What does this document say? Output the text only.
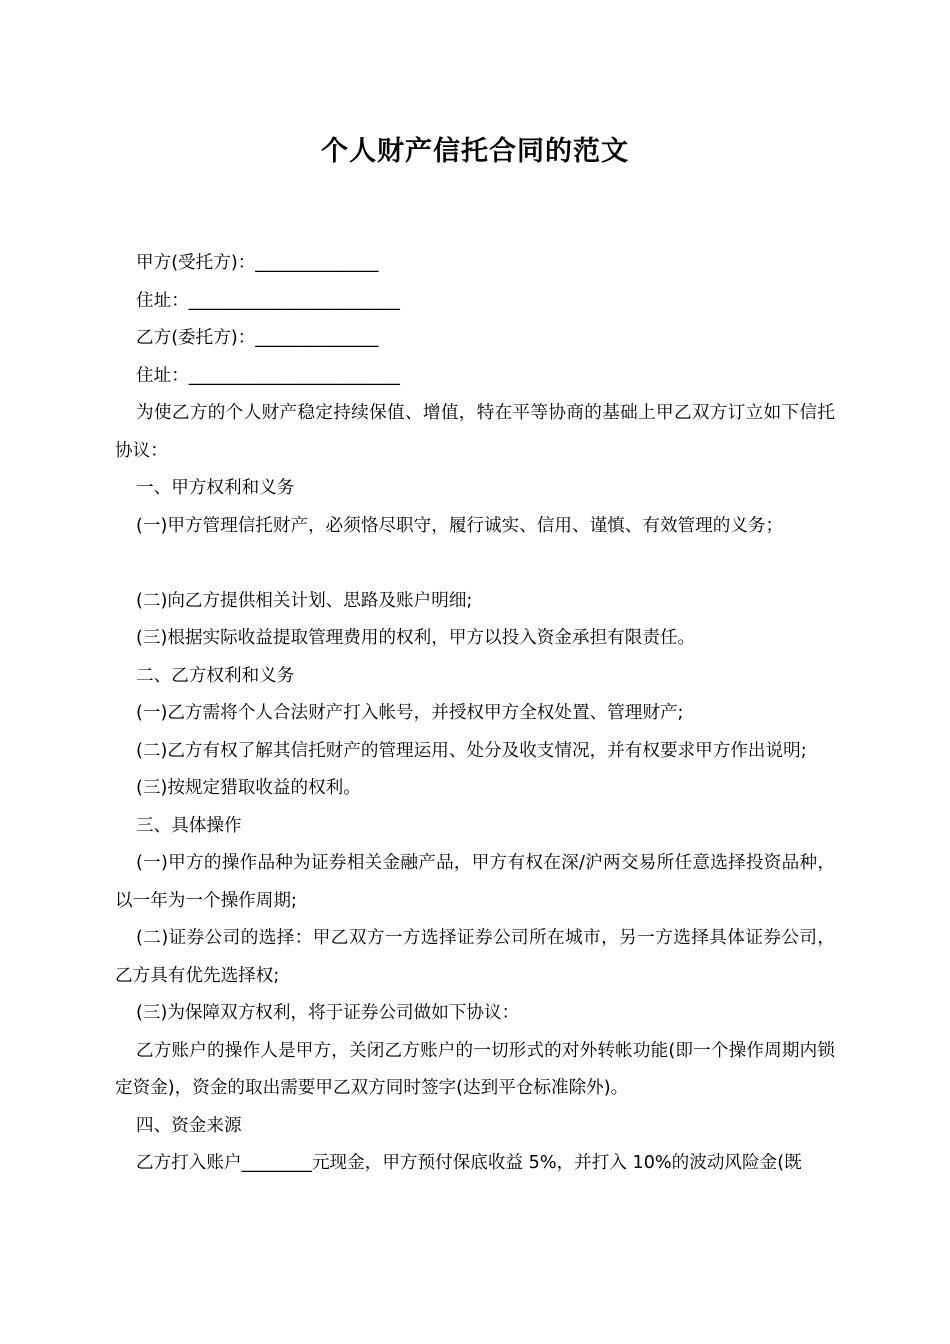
个人财产信托合同的范文

甲方(受托方)：______________

住址：________________________

乙方(委托方)：______________

住址：________________________

为使乙方的个人财产稳定持续保值、增值，特在平等协商的基础上甲乙双方订立如下信托协议：

一、甲方权利和义务

(一)甲方管理信托财产，必须恪尽职守，履行诚实、信用、谨慎、有效管理的义务；

(二)向乙方提供相关计划、思路及账户明细;

(三)根据实际收益提取管理费用的权利，甲方以投入资金承担有限责任。

二、乙方权利和义务

(一)乙方需将个人合法财产打入帐号，并授权甲方全权处置、管理财产;

(二)乙方有权了解其信托财产的管理运用、处分及收支情况，并有权要求甲方作出说明;

(三)按规定猎取收益的权利。

三、具体操作

(一)甲方的操作品种为证券相关金融产品，甲方有权在深/沪两交易所任意选择投资品种，以一年为一个操作周期;

(二)证券公司的选择：甲乙双方一方选择证券公司所在城市，另一方选择具体证券公司，乙方具有优先选择权;

(三)为保障双方权利，将于证券公司做如下协议：

乙方账户的操作人是甲方，关闭乙方账户的一切形式的对外转帐功能(即一个操作周期内锁定资金)，资金的取出需要甲乙双方同时签字(达到平仓标准除外)。

四、资金来源

乙方打入账户________元现金，甲方预付保底收益 5%，并打入 10%的波动风险金(既
